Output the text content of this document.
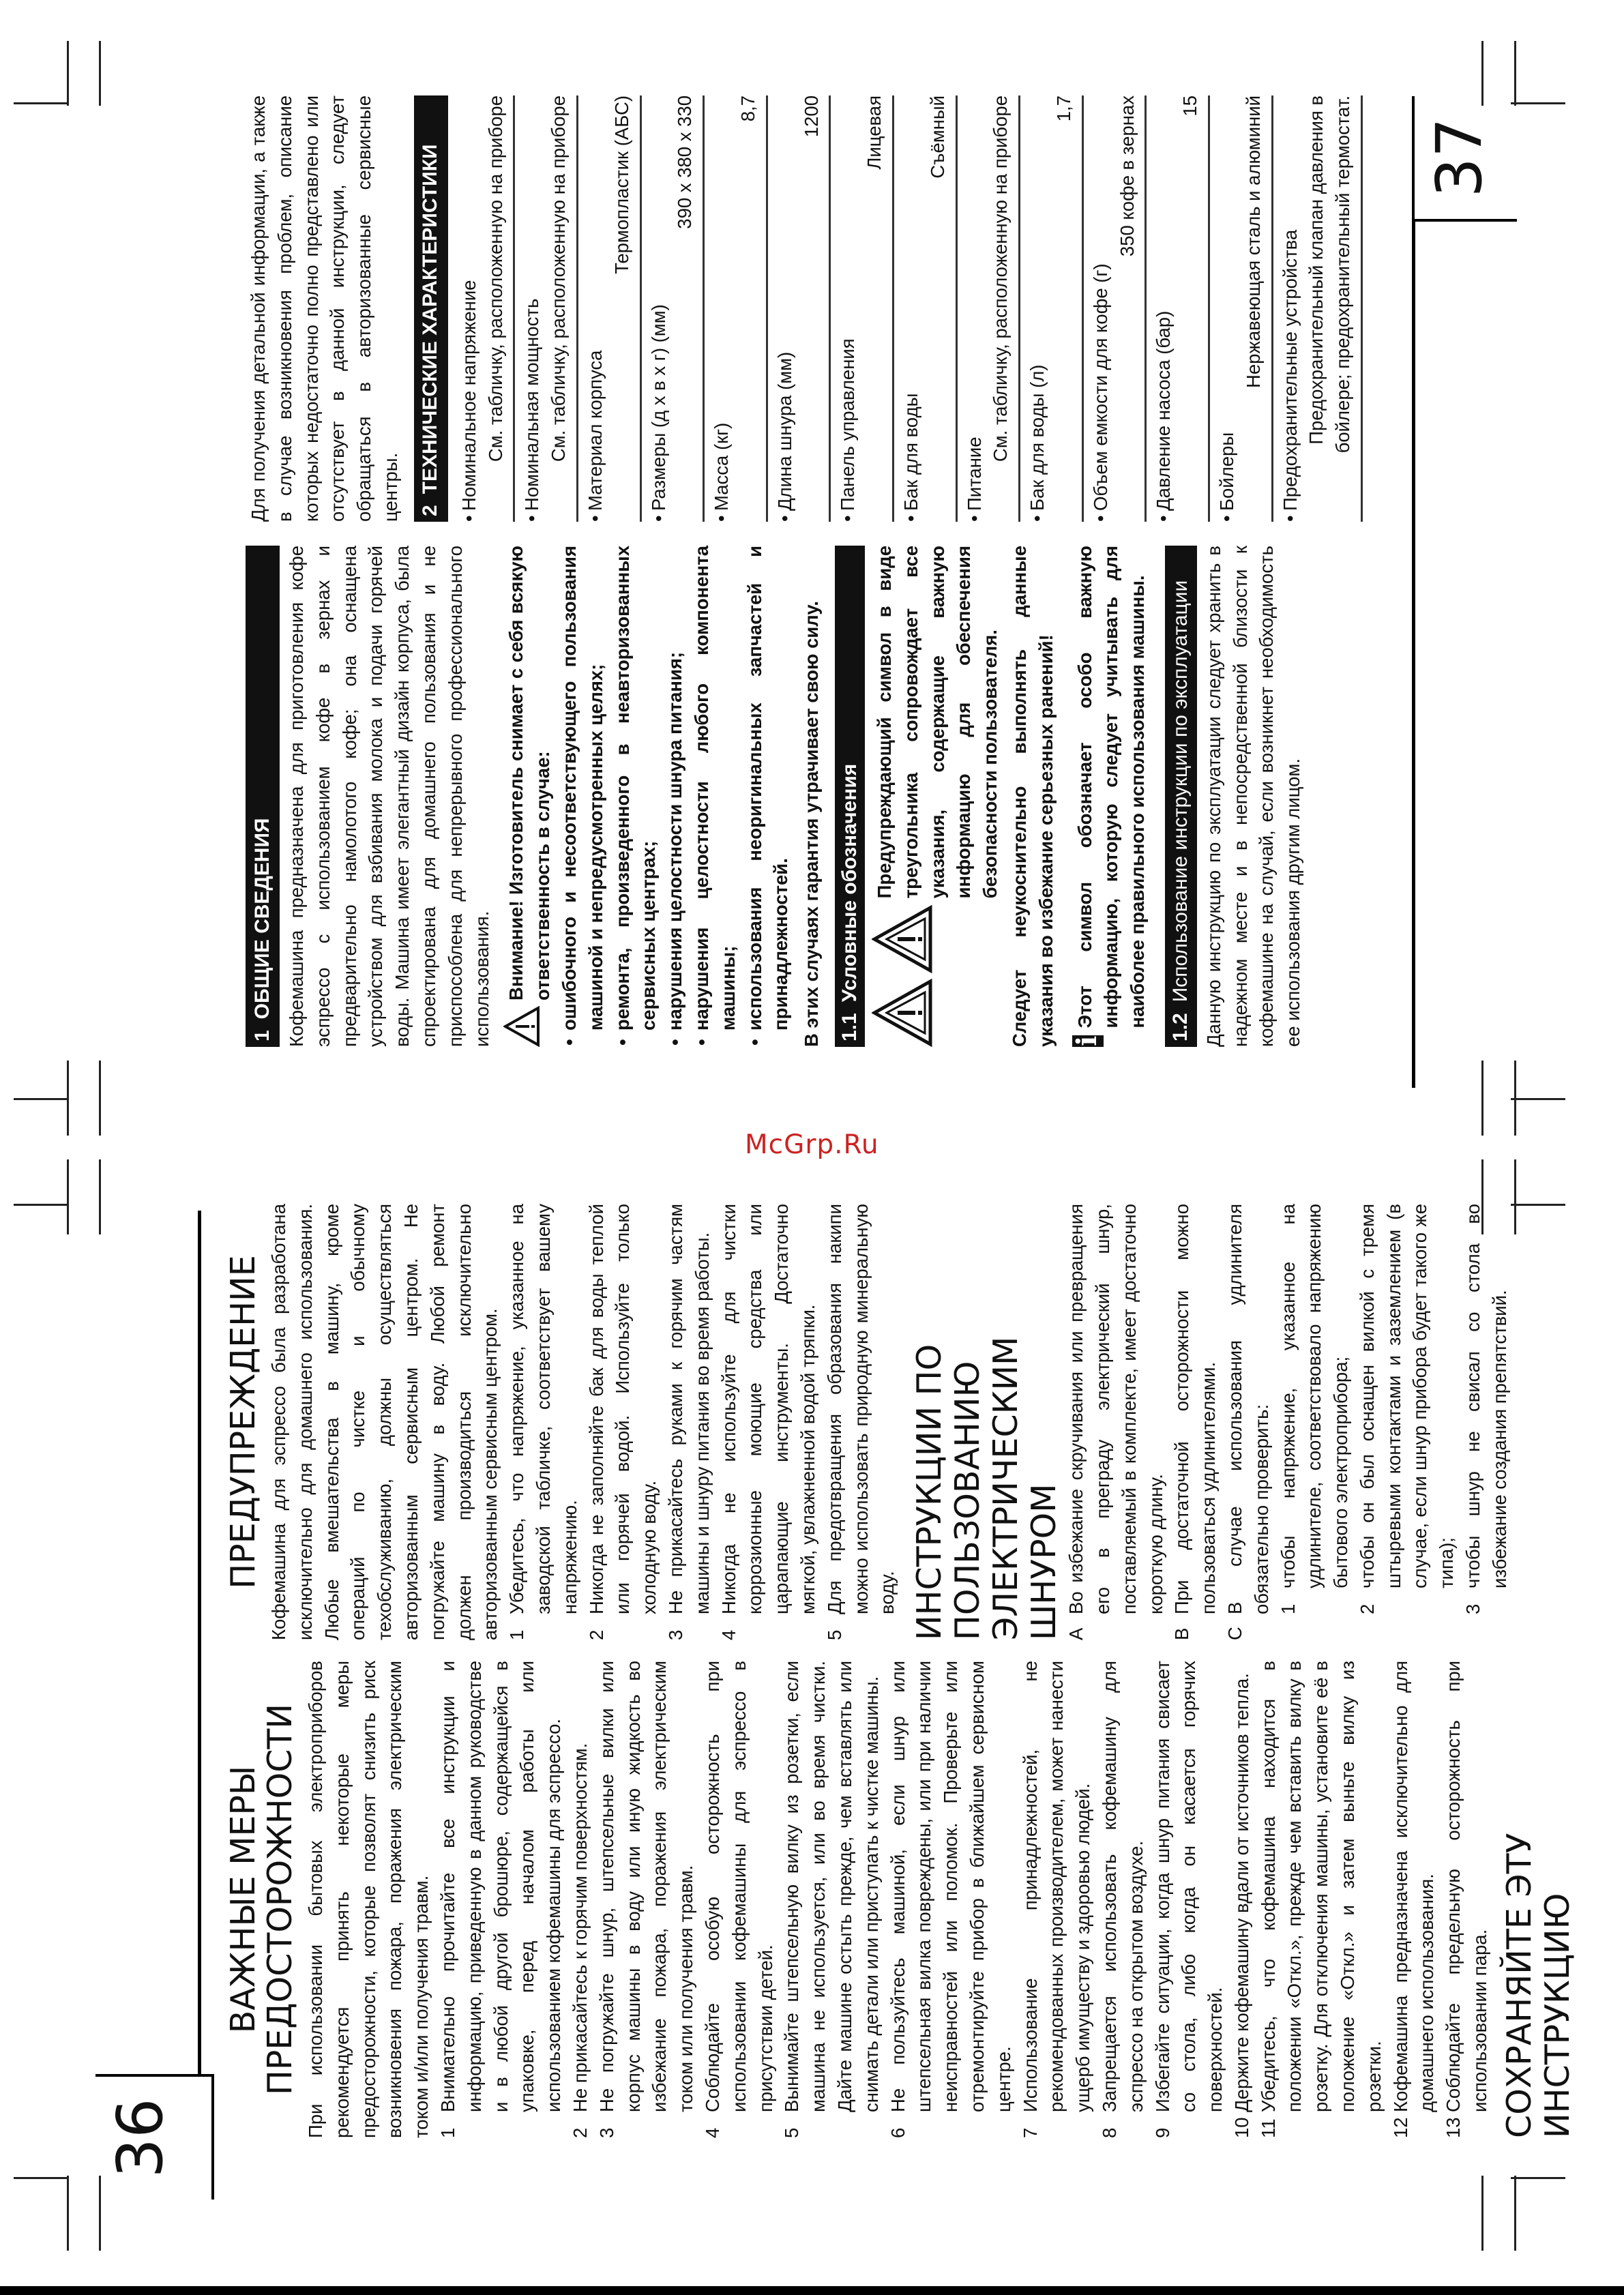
McGrp.Ru
36
ВАЖНЫЕ МЕРЫ ПРЕДОСТОРОЖНОСТИ При использовании бытовых электроприборов рекомендуется принять некоторые меры предосторожности, которые позволят снизить риск возникновения пожара, поражения электрическим током и/или получения травм. 1
Внимательно прочитайте все инструкции и информацию, приведенную в данном руководстве и в любой другой брошюре, содержащейся в упаковке, перед началом работы или использованием кофемашины для эспрессо.
2
Не прикасайтесь к горячим поверхностям.
3
Не погружайте шнур, штепсельные вилки или корпус машины в воду или иную жидкость во избежание пожара, поражения электрическим током или получения травм.
4
Соблюдайте особую осторожность при использовании кофемашины для эспрессо в присутствии детей.
5
Вынимайте штепсельную вилку из розетки, если машина не используется, или во время чистки. Дайте машине остыть прежде, чем вставлять или снимать детали или приступать к чистке машины.
6
Не пользуйтесь машиной, если шнур или штепсельная вилка повреждены, или при наличии неисправностей или поломок. Проверьте или отремонтируйте прибор в ближайшем сервисном центре.
7
Использование принадлежностей, не рекомендованных производителем, может нанести ущерб имуществу и здоровью людей.
8
Запрещается использовать кофемашину для эспрессо на открытом воздухе.
9
Избегайте ситуации, когда шнур питания свисает со стола, либо когда он касается горячих поверхностей.
10
Держите кофемашину вдали от источников тепла.
11
Убедитесь, что кофемашина находится в положении «Откл.», прежде чем вставить вилку в розетку. Для отключения машины, установите её в положение «Откл.» и затем выньте вилку из розетки.
12
Кофемашина предназначена исключительно для домашнего использования.
13
Соблюдайте предельную осторожность при использовании пара. СОХРАНЯЙТЕ ЭТУ ИНСТРУКЦИЮ
ПРЕДУПРЕЖДЕНИЕ Кофемашина для эспрессо была разработана исключительно для домашнего использования. Любые вмешательства в машину, кроме операций по чистке и обычному техобслуживанию, должны осуществляться авторизованным сервисным центром. Не погружайте машину в воду. Любой ремонт должен производиться исключительно авторизованным сервисным центром. 1
Убедитесь, что напряжение, указанное на заводской табличке, соответствует вашему напряжению.
2
Никогда не заполняйте бак для воды теплой или горячей водой. Используйте только холодную воду.
3
Не прикасайтесь руками к горячим частям машины и шнуру питания во время работы.
4
Никогда не используйте для чистки коррозионные моющие средства или царапающие инструменты. Достаточно мягкой, увлажненной водой тряпки.
5
Для предотвращения образования накипи можно использовать природную минеральную воду. ИНСТРУКЦИИ ПО ПОЛЬЗОВАНИЮ ЭЛЕКТРИЧЕСКИМ ШНУРОМ A
Во избежание скручивания или превращения его в преграду электрический шнур, поставляемый в комплекте, имеет достаточно короткую длину.
B
При достаточной осторожности можно пользоваться удлинителями.
C
В случае использования удлинителя обязательно проверить: 1
чтобы напряжение, указанное на удлинителе, соответствовало напряжению бытового электроприбора;
2
чтобы он был оснащен вилкой с тремя штыревыми контактами и заземлением (в случае, если шнур прибора будет такого же типа);
3
чтобы шнур не свисал со стола во избежание создания препятствий.
1
ОБЩИЕ СВЕДЕНИЯ Кофемашина предназначена для приготовления кофе эспрессо с использованием кофе в зернах и предварительно намолотого кофе; она оснащена устройством для взбивания молока и подачи горячей воды. Машина имеет элегантный дизайн корпуса, была спроектирована для домашнего пользования и не приспособлена для непрерывного профессионального использования. Внимание! Изготовитель снимает с себя всякую ответственность в случае: • ошибочного и несоответствующего пользования машиной и непредусмотренных целях; • ремонта, произведенного в неавторизованных сервисных центрах; • нарушения целостности шнура питания; • нарушения целостности любого компонента машины; • использования неоригинальных запчастей и принадлежностей. В этих случаях гарантия утрачивает свою силу. 1.1
Условные обозначения
Предупреждающий символ в виде треугольника сопровождает все указания, содержащие важную информацию для обеспечения безопасности пользователя. Следует неукоснительно выполнять данные указания во избежание серьезных ранений! i

Этот символ обозначает особо важную информацию, которую следует учитывать для наиболее правильного использования машины. 1.2
Использование инструкции по эксплуатации Данную инструкцию по эксплуатации следует хранить в надежном месте и в непосредственной близости к кофемашине на случай, если возникнет необходимость ее использования другим лицом.

Для получения детальной информации, а также в случае возникновения проблем, описание которых недостаточно полно представлено или отсутствует в данной инструкции, следует обращаться в авторизованные сервисные центры. 2
ТЕХНИЧЕСКИЕ ХАРАКТЕРИСТИКИ • Номинальное напряжение См. табличку, расположенную на приборе • Номинальная мощность См. табличку, расположенную на приборе • Материал корпуса
Термопластик (АБС)
• Размеры (д x в x г) (мм)
390 x 380 x 330
• Масса (кг)
8,7
• Длина шнура (мм)
1200
• Панель управления
Лицевая
• Бак для воды
Съёмный
• Питание
См. табличку, расположенную на приборе • Бак для воды (л)
1,7
• Объем емкости для кофе (г)
350 кофе в зернах
• Давление насоса (бар)
15
• Бойлеры
Нержавеющая сталь и алюминий • Предохранительные устройства Предохранительный клапан давления в бойлере; предохранительный термостат. 37
